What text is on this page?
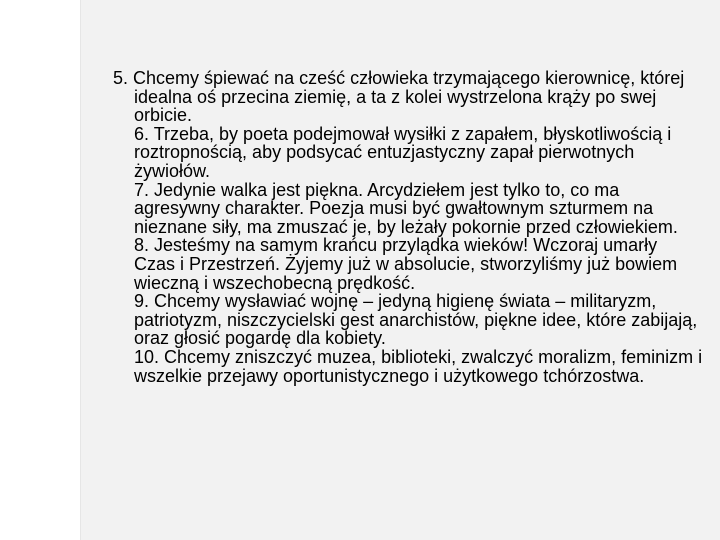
5. Chcemy śpiewać na cześć człowieka trzymającego kierownicę, której idealna oś przecina ziemię, a ta z kolei wystrzelona krąży po swej orbicie.

6. Trzeba, by poeta podejmował wysiłki z zapałem, błyskotliwością i roztropnością, aby podsycać entuzjastyczny zapał pierwotnych żywiołów.

7. Jedynie walka jest piękna. Arcydziełem jest tylko to, co ma agresywny charakter. Poezja musi być gwałtownym szturmem na nieznane siły, ma zmuszać je, by leżały pokornie przed człowiekiem.

8. Jesteśmy na samym krańcu przylądka wieków! Wczoraj umarły Czas i Przestrzeń. Żyjemy już w absolucie, stworzyliśmy już bowiem wieczną i wszechobecną prędkość.

9. Chcemy wysławiać wojnę – jedyną higienę świata – militaryzm, patriotyzm, niszczycielski gest anarchistów, piękne idee, które zabijają, oraz głosić pogardę dla kobiety.

10. Chcemy zniszczyć muzea, biblioteki, zwalczyć moralizm, feminizm i wszelkie przejawy oportunistycznego i użytkowego tchórzostwa.
